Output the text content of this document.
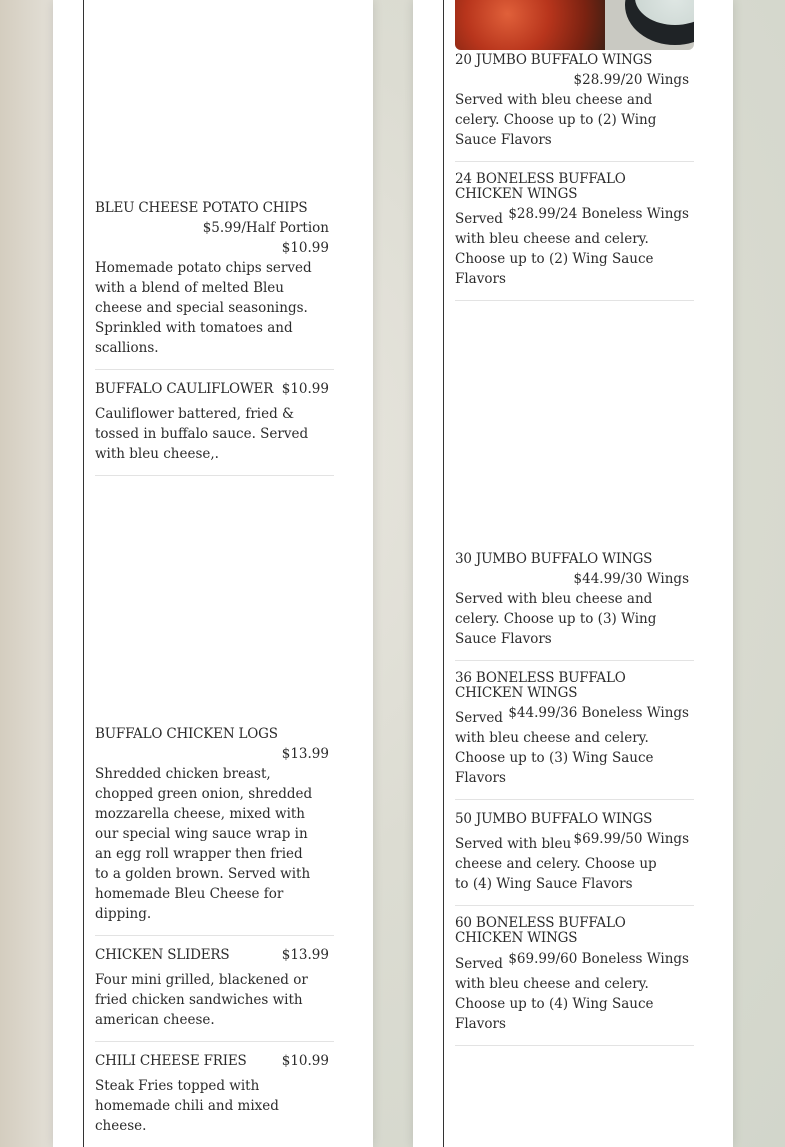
BLEU CHEESE POTATO CHIPS
$5.99/Half Portion
$10.99
Homemade potato chips served with a blend of melted Bleu cheese and special seasonings. Sprinkled with tomatoes and scallions.
BUFFALO CAULIFLOWER $10.99
Cauliflower battered, fried & tossed in buffalo sauce. Served with bleu cheese,.
BUFFALO CHICKEN LOGS
$13.99
Shredded chicken breast, chopped green onion, shredded mozzarella cheese, mixed with our special wing sauce wrap in an egg roll wrapper then fried to a golden brown. Served with homemade Bleu Cheese for dipping.
CHICKEN SLIDERS	$13.99
Four mini grilled, blackened or fried chicken sandwiches with american cheese.
CHILI CHEESE FRIES	$10.99
Steak Fries topped with homemade chili and mixed cheese.
20 JUMBO BUFFALO WINGS
$28.99/20 Wings
Served with bleu cheese and celery. Choose up to (2) Wing Sauce Flavors
24 BONELESS BUFFALO CHICKEN WINGS
$28.99/24 Boneless Wings
Served
with bleu cheese and celery. Choose up to (2) Wing Sauce Flavors
30 JUMBO BUFFALO WINGS
$44.99/30 Wings
Served with bleu cheese and celery. Choose up to (3) Wing Sauce Flavors
36 BONELESS BUFFALO CHICKEN WINGS
$44.99/36 Boneless Wings
Served
with bleu cheese and celery. Choose up to (3) Wing Sauce Flavors
50 JUMBO BUFFALO WINGS
$69.99/50 Wings
Served with bleu
cheese and celery. Choose up to (4) Wing Sauce Flavors
60 BONELESS BUFFALO CHICKEN WINGS
$69.99/60 Boneless Wings
Served
with bleu cheese and celery. Choose up to (4) Wing Sauce Flavors
